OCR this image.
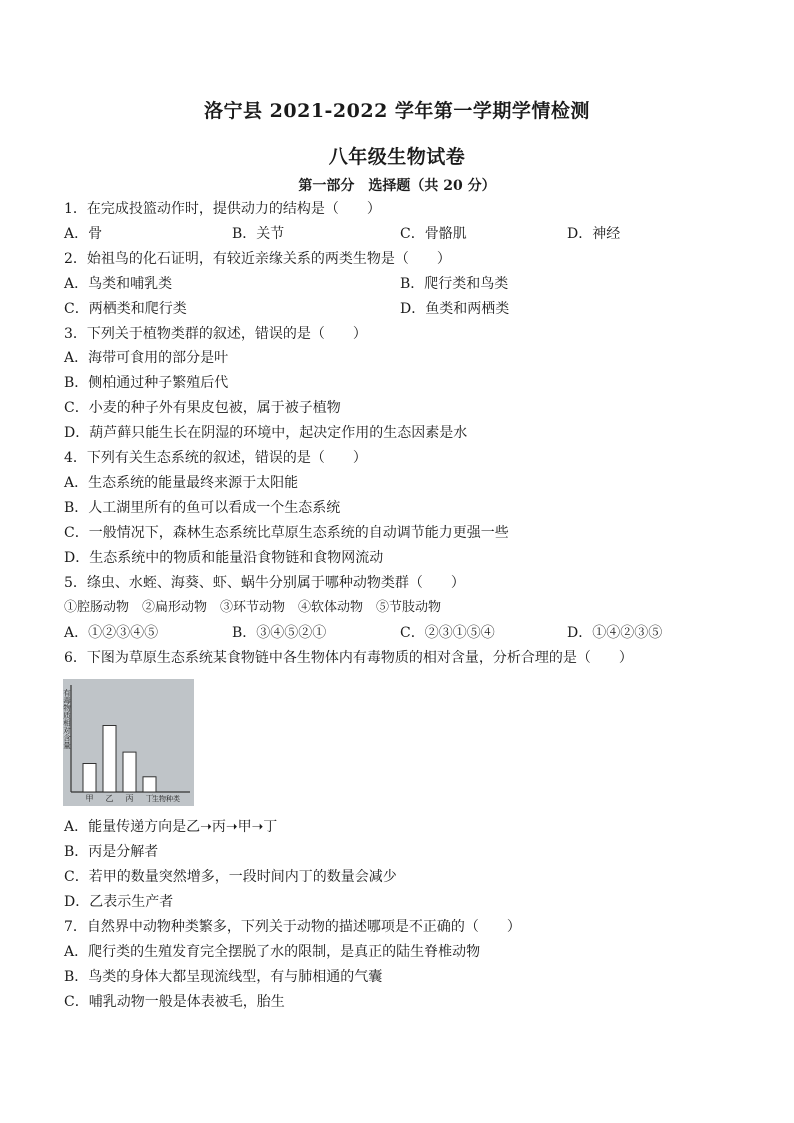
洛宁县 2021-2022 学年第一学期学情检测
八年级生物试卷
第一部分　选择题（共 20 分）
1．在完成投篮动作时，提供动力的结构是（　　）
A．骨	B．关节	C．骨骼肌	D．神经
2．始祖鸟的化石证明，有较近亲缘关系的两类生物是（　　）
A．鸟类和哺乳类	B．爬行类和鸟类
C．两栖类和爬行类	D．鱼类和两栖类
3．下列关于植物类群的叙述，错误的是（　　）
A．海带可食用的部分是叶
B．侧柏通过种子繁殖后代
C．小麦的种子外有果皮包被，属于被子植物
D．葫芦藓只能生长在阴湿的环境中，起决定作用的生态因素是水
4．下列有关生态系统的叙述，错误的是（　　）
A．生态系统的能量最终来源于太阳能
B．人工湖里所有的鱼可以看成一个生态系统
C．一般情况下，森林生态系统比草原生态系统的自动调节能力更强一些
D．生态系统中的物质和能量沿食物链和食物网流动
5．绦虫、水蛭、海葵、虾、蜗牛分别属于哪种动物类群（　　）
①腔肠动物　②扁形动物　③环节动物　④软体动物　⑤节肢动物
A．①②③④⑤	B．③④⑤②①	C．②③①⑤④	D．①④②③⑤
6．下图为草原生态系统某食物链中各生物体内有毒物质的相对含量，分析合理的是（　　）
有毒物质相对含量
甲 乙 丙 丁
生物种类
A．能量传递方向是乙➝丙➝甲➝丁
B．丙是分解者
C．若甲的数量突然增多，一段时间内丁的数量会减少
D．乙表示生产者
7．自然界中动物种类繁多，下列关于动物的描述哪项是不正确的（　　）
A．爬行类的生殖发育完全摆脱了水的限制，是真正的陆生脊椎动物
B．鸟类的身体大都呈现流线型，有与肺相通的气囊
C．哺乳动物一般是体表被毛，胎生
